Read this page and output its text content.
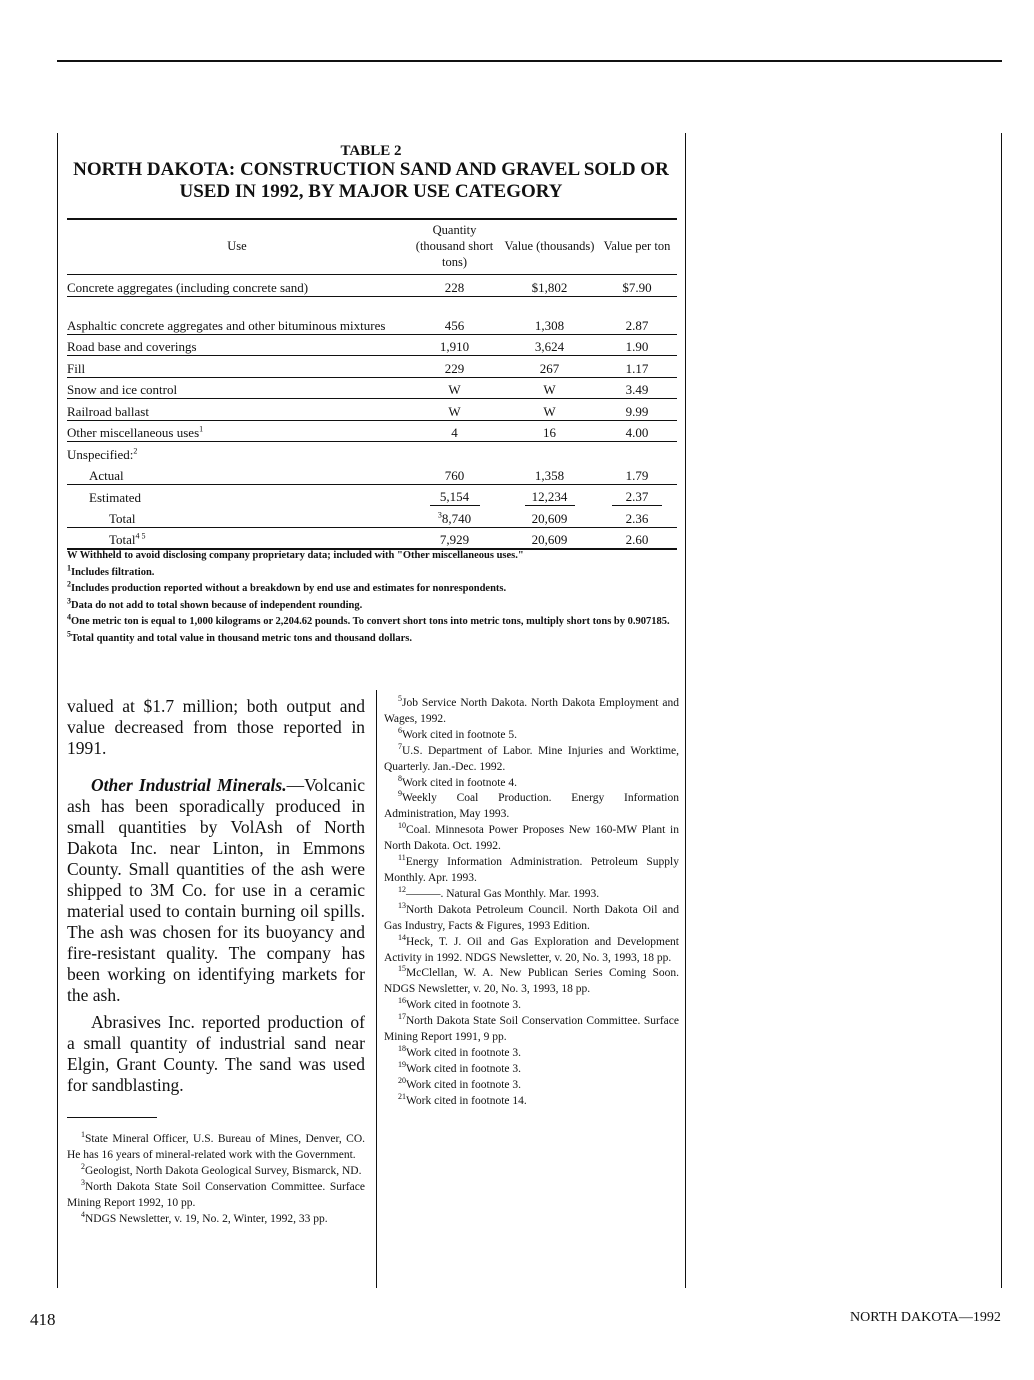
TABLE 2
NORTH DAKOTA: CONSTRUCTION SAND AND GRAVEL SOLD OR USED IN 1992, BY MAJOR USE CATEGORY
Use	Quantity (thousand short tons)	Value (thousands)	Value per ton
Concrete aggregates (including concrete sand)	228	$1,802	$7.90
Asphaltic concrete aggregates and other bituminous mixtures	456	1,308	2.87
Road base and coverings	1,910	3,624	1.90
Fill	229	267	1.17
Snow and ice control	W	W	3.49
Railroad ballast	W	W	9.99
Other miscellaneous uses$^1$	4	16	4.00
Unspecified:$^2$			
Actual	760	1,358	1.79
Estimated	5,154	12,234	2.37
Total	$^3$8,740	20,609	2.36
Total$^{4 5}$	7,929	20,609	2.60
W Withheld to avoid disclosing company proprietary data; included with "Other miscellaneous uses."
$^1$Includes filtration.
$^2$Includes production reported without a breakdown by end use and estimates for nonrespondents.
$^3$Data do not add to total shown because of independent rounding.
$^4$One metric ton is equal to 1,000 kilograms or 2,204.62 pounds. To convert short tons into metric tons, multiply short tons by 0.907185.
$^5$Total quantity and total value in thousand metric tons and thousand dollars.

valued at $1.7 million; both output and value decreased from those reported in 1991.

Other Industrial Minerals.—Volcanic ash has been sporadically produced in small quantities by VolAsh of North Dakota Inc. near Linton, in Emmons County. Small quantities of the ash were shipped to 3M Co. for use in a ceramic material used to contain burning oil spills. The ash was chosen for its buoyancy and fire-resistant quality. The company has been working on identifying markets for the ash.

Abrasives Inc. reported production of a small quantity of industrial sand near Elgin, Grant County. The sand was used for sandblasting.

$^1$State Mineral Officer, U.S. Bureau of Mines, Denver, CO. He has 16 years of mineral-related work with the Government.

$^2$Geologist, North Dakota Geological Survey, Bismarck, ND.

$^3$North Dakota State Soil Conservation Committee. Surface Mining Report 1992, 10 pp.

$^4$NDGS Newsletter, v. 19, No. 2, Winter, 1992, 33 pp.

$^5$Job Service North Dakota. North Dakota Employment and Wages, 1992.

$^6$Work cited in footnote 5.

$^7$U.S. Department of Labor. Mine Injuries and Worktime, Quarterly. Jan.-Dec. 1992.

$^8$Work cited in footnote 4.

$^9$Weekly Coal Production. Energy Information Administration, May 1993.

$^{10}$Coal. Minnesota Power Proposes New 160-MW Plant in North Dakota. Oct. 1992.

$^{11}$Energy Information Administration. Petroleum Supply Monthly. Apr. 1993.

$^{12}$———. Natural Gas Monthly. Mar. 1993.

$^{13}$North Dakota Petroleum Council. North Dakota Oil and Gas Industry, Facts & Figures, 1993 Edition.

$^{14}$Heck, T. J. Oil and Gas Exploration and Development Activity in 1992. NDGS Newsletter, v. 20, No. 3, 1993, 18 pp.

$^{15}$McClellan, W. A. New Publican Series Coming Soon. NDGS Newsletter, v. 20, No. 3, 1993, 18 pp.

$^{16}$Work cited in footnote 3.

$^{17}$North Dakota State Soil Conservation Committee. Surface Mining Report 1991, 9 pp.

$^{18}$Work cited in footnote 3.

$^{19}$Work cited in footnote 3.

$^{20}$Work cited in footnote 3.

$^{21}$Work cited in footnote 14.

418	NORTH DAKOTA—1992
